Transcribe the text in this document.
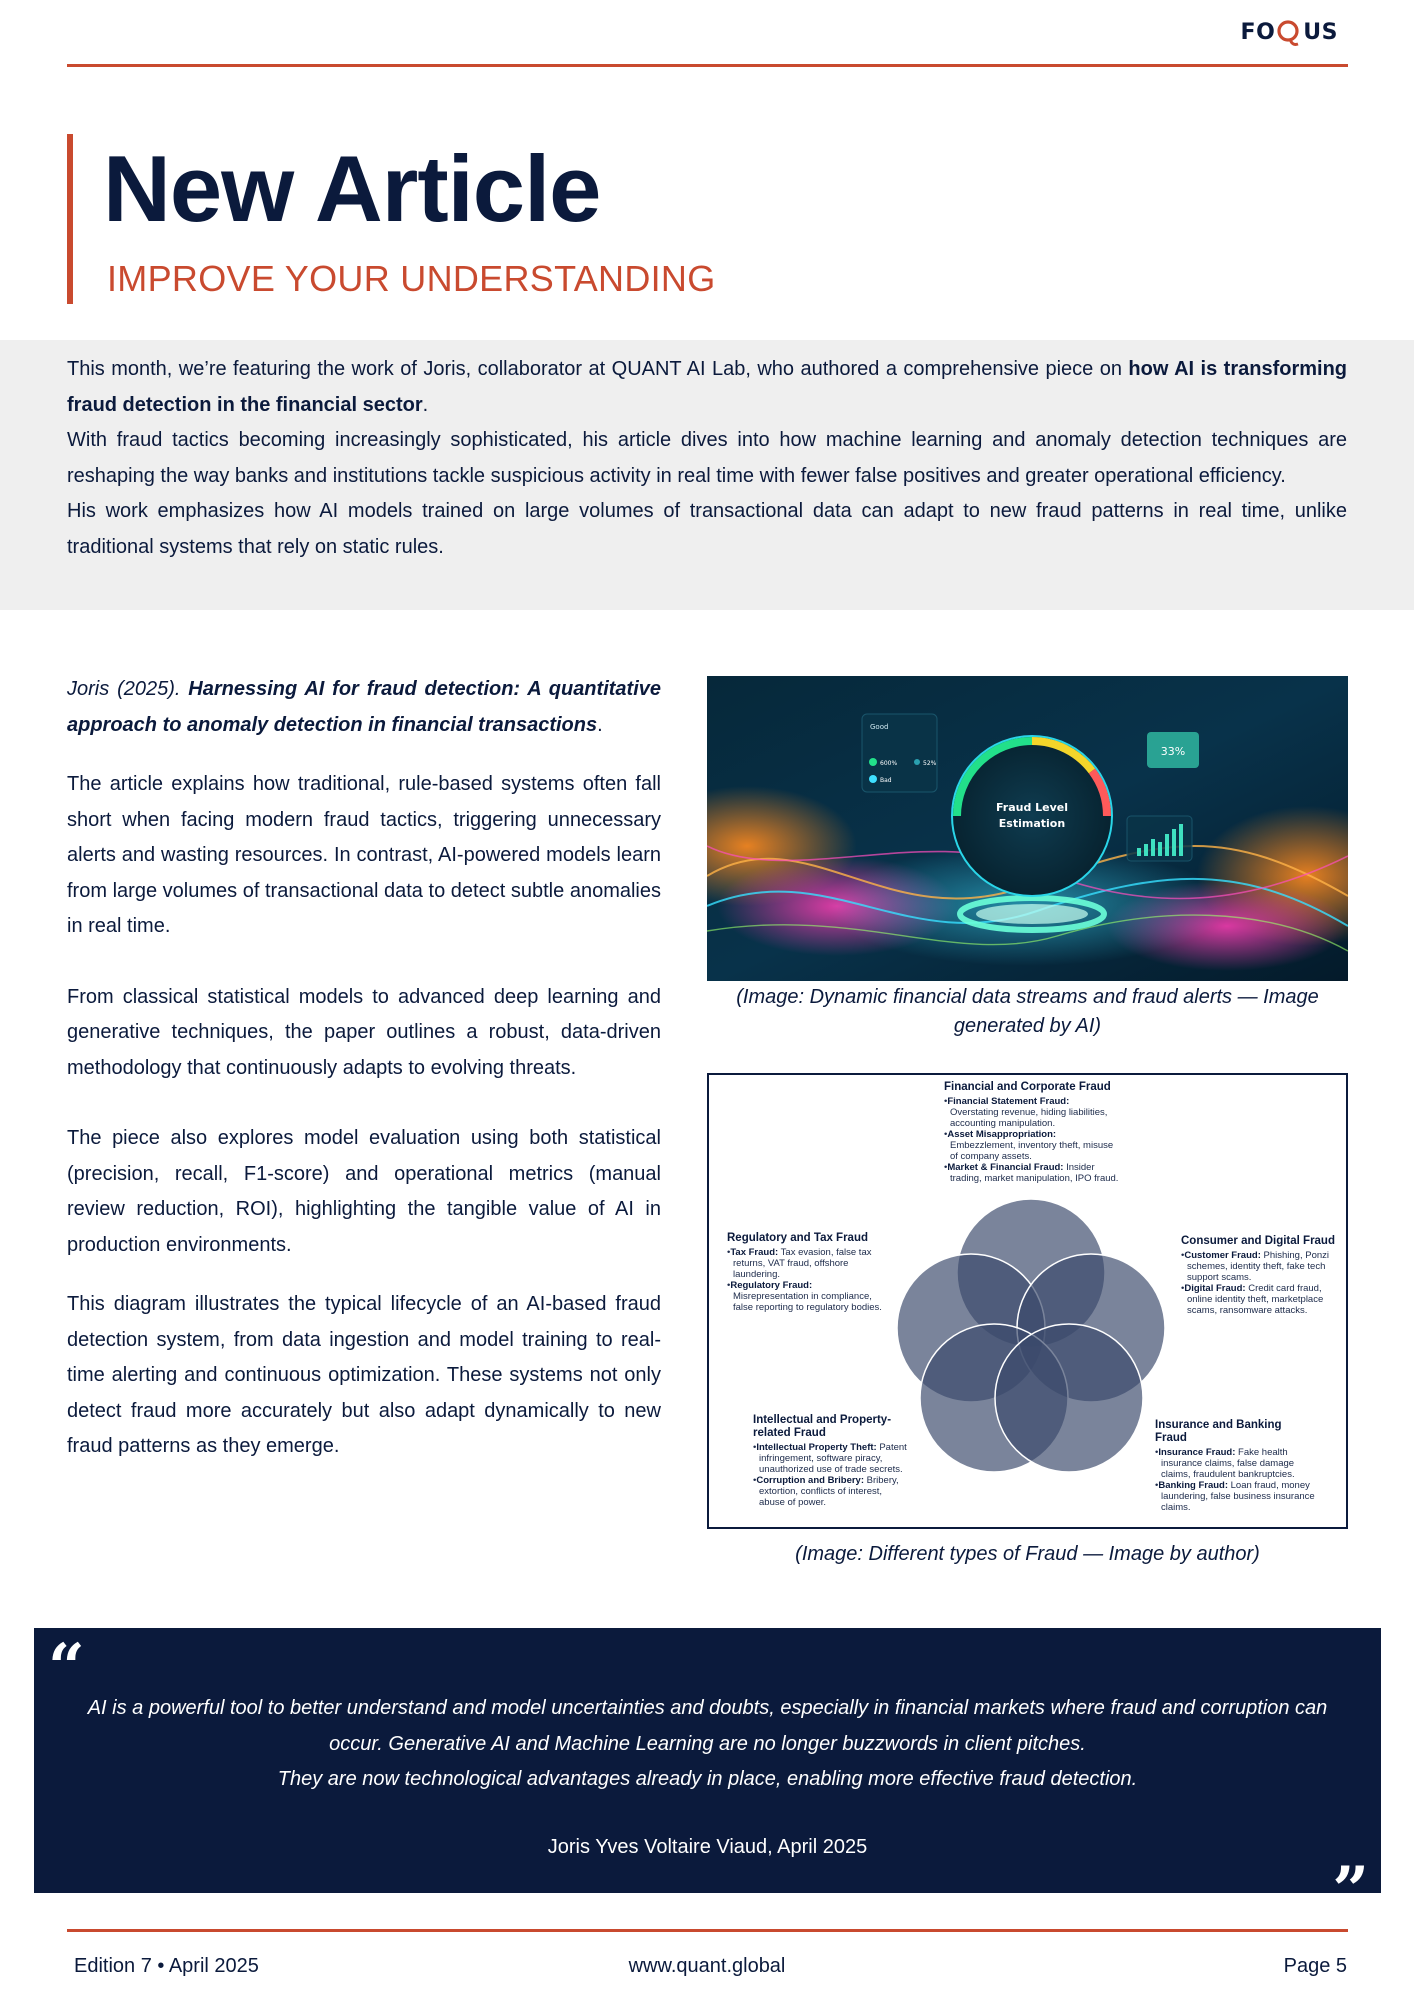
FO US
New Article
IMPROVE YOUR UNDERSTANDING

This month, we’re featuring the work of Joris, collaborator at QUANT AI Lab, who authored a comprehensive piece on how AI is transforming fraud detection in the financial sector.

With fraud tactics becoming increasingly sophisticated, his article dives into how machine learning and anomaly detection techniques are reshaping the way banks and institutions tackle suspicious activity in real time with fewer false positives and greater operational efficiency.

His work emphasizes how AI models trained on large volumes of transactional data can adapt to new fraud patterns in real time, unlike traditional systems that rely on static rules.

Joris (2025). Harnessing AI for fraud detection: A quantitative approach to anomaly detection in financial transactions.

The article explains how traditional, rule-based systems often fall short when facing modern fraud tactics, triggering unnecessary alerts and wasting resources. In contrast, AI-powered models learn from large volumes of transactional data to detect subtle anomalies in real time.

From classical statistical models to advanced deep learning and generative techniques, the paper outlines a robust, data-driven methodology that continuously adapts to evolving threats.

The piece also explores model evaluation using both statistical (precision, recall, F1-score) and operational metrics (manual review reduction, ROI), highlighting the tangible value of AI in production environments.

This diagram illustrates the typical lifecycle of an AI-based fraud detection system, from data ingestion and model training to real-time alerting and continuous optimization. These systems not only detect fraud more accurately but also adapt dynamically to new fraud patterns as they emerge.

Fraud Level
Estimation
33%
Good
600%
Bad
52%
(Image: Dynamic financial data streams and fraud alerts — Image generated by AI)
Financial and Corporate Fraud
•Financial Statement Fraud: Overstating revenue, hiding liabilities, accounting manipulation.
•Asset Misappropriation: Embezzlement, inventory theft, misuse of company assets.
•Market & Financial Fraud: Insider trading, market manipulation, IPO fraud.
Regulatory and Tax Fraud
•Tax Fraud: Tax evasion, false tax returns, VAT fraud, offshore laundering.
•Regulatory Fraud: Misrepresentation in compliance, false reporting to regulatory bodies.
Consumer and Digital Fraud
•Customer Fraud: Phishing, Ponzi schemes, identity theft, fake tech support scams.
•Digital Fraud: Credit card fraud, online identity theft, marketplace scams, ransomware attacks.
Intellectual and Property-related Fraud
•Intellectual Property Theft: Patent infringement, software piracy, unauthorized use of trade secrets.
•Corruption and Bribery: Bribery, extortion, conflicts of interest, abuse of power.
Insurance and Banking Fraud
•Insurance Fraud: Fake health insurance claims, false damage claims, fraudulent bankruptcies.
•Banking Fraud: Loan fraud, money laundering, false business insurance claims.
(Image: Different types of Fraud — Image by author)
“
AI is a powerful tool to better understand and model uncertainties and doubts, especially in financial markets where fraud and corruption can occur. Generative AI and Machine Learning are no longer buzzwords in client pitches.
They are now technological advantages already in place, enabling more effective fraud detection.
Joris Yves Voltaire Viaud, April 2025
”
Edition 7 • April 2025	www.quant.global	Page 5
